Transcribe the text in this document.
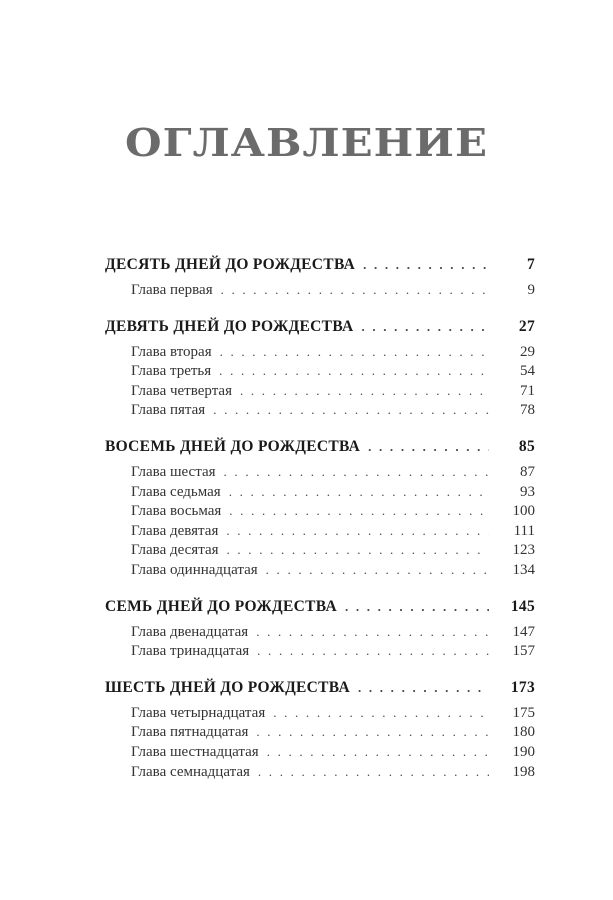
ОГЛАВЛЕНИЕ
ДЕСЯТЬ ДНЕЙ ДО РОЖДЕСТВА . . .	7
Глава первая . . .	9
ДЕВЯТЬ ДНЕЙ ДО РОЖДЕСТВА . . .	27
Глава вторая . . .	29
Глава третья . . .	54
Глава четвертая . . .	71
Глава пятая . . .	78
ВОСЕМЬ ДНЕЙ ДО РОЖДЕСТВА . . .	85
Глава шестая . . .	87
Глава седьмая . . .	93
Глава восьмая . . .	100
Глава девятая . . .	111
Глава десятая . . .	123
Глава одиннадцатая . . .	134
СЕМЬ ДНЕЙ ДО РОЖДЕСТВА . . .	145
Глава двенадцатая . . .	147
Глава тринадцатая . . .	157
ШЕСТЬ ДНЕЙ ДО РОЖДЕСТВА . . .	173
Глава четырнадцатая . . .	175
Глава пятнадцатая . . .	180
Глава шестнадцатая . . .	190
Глава семнадцатая . . .	198
